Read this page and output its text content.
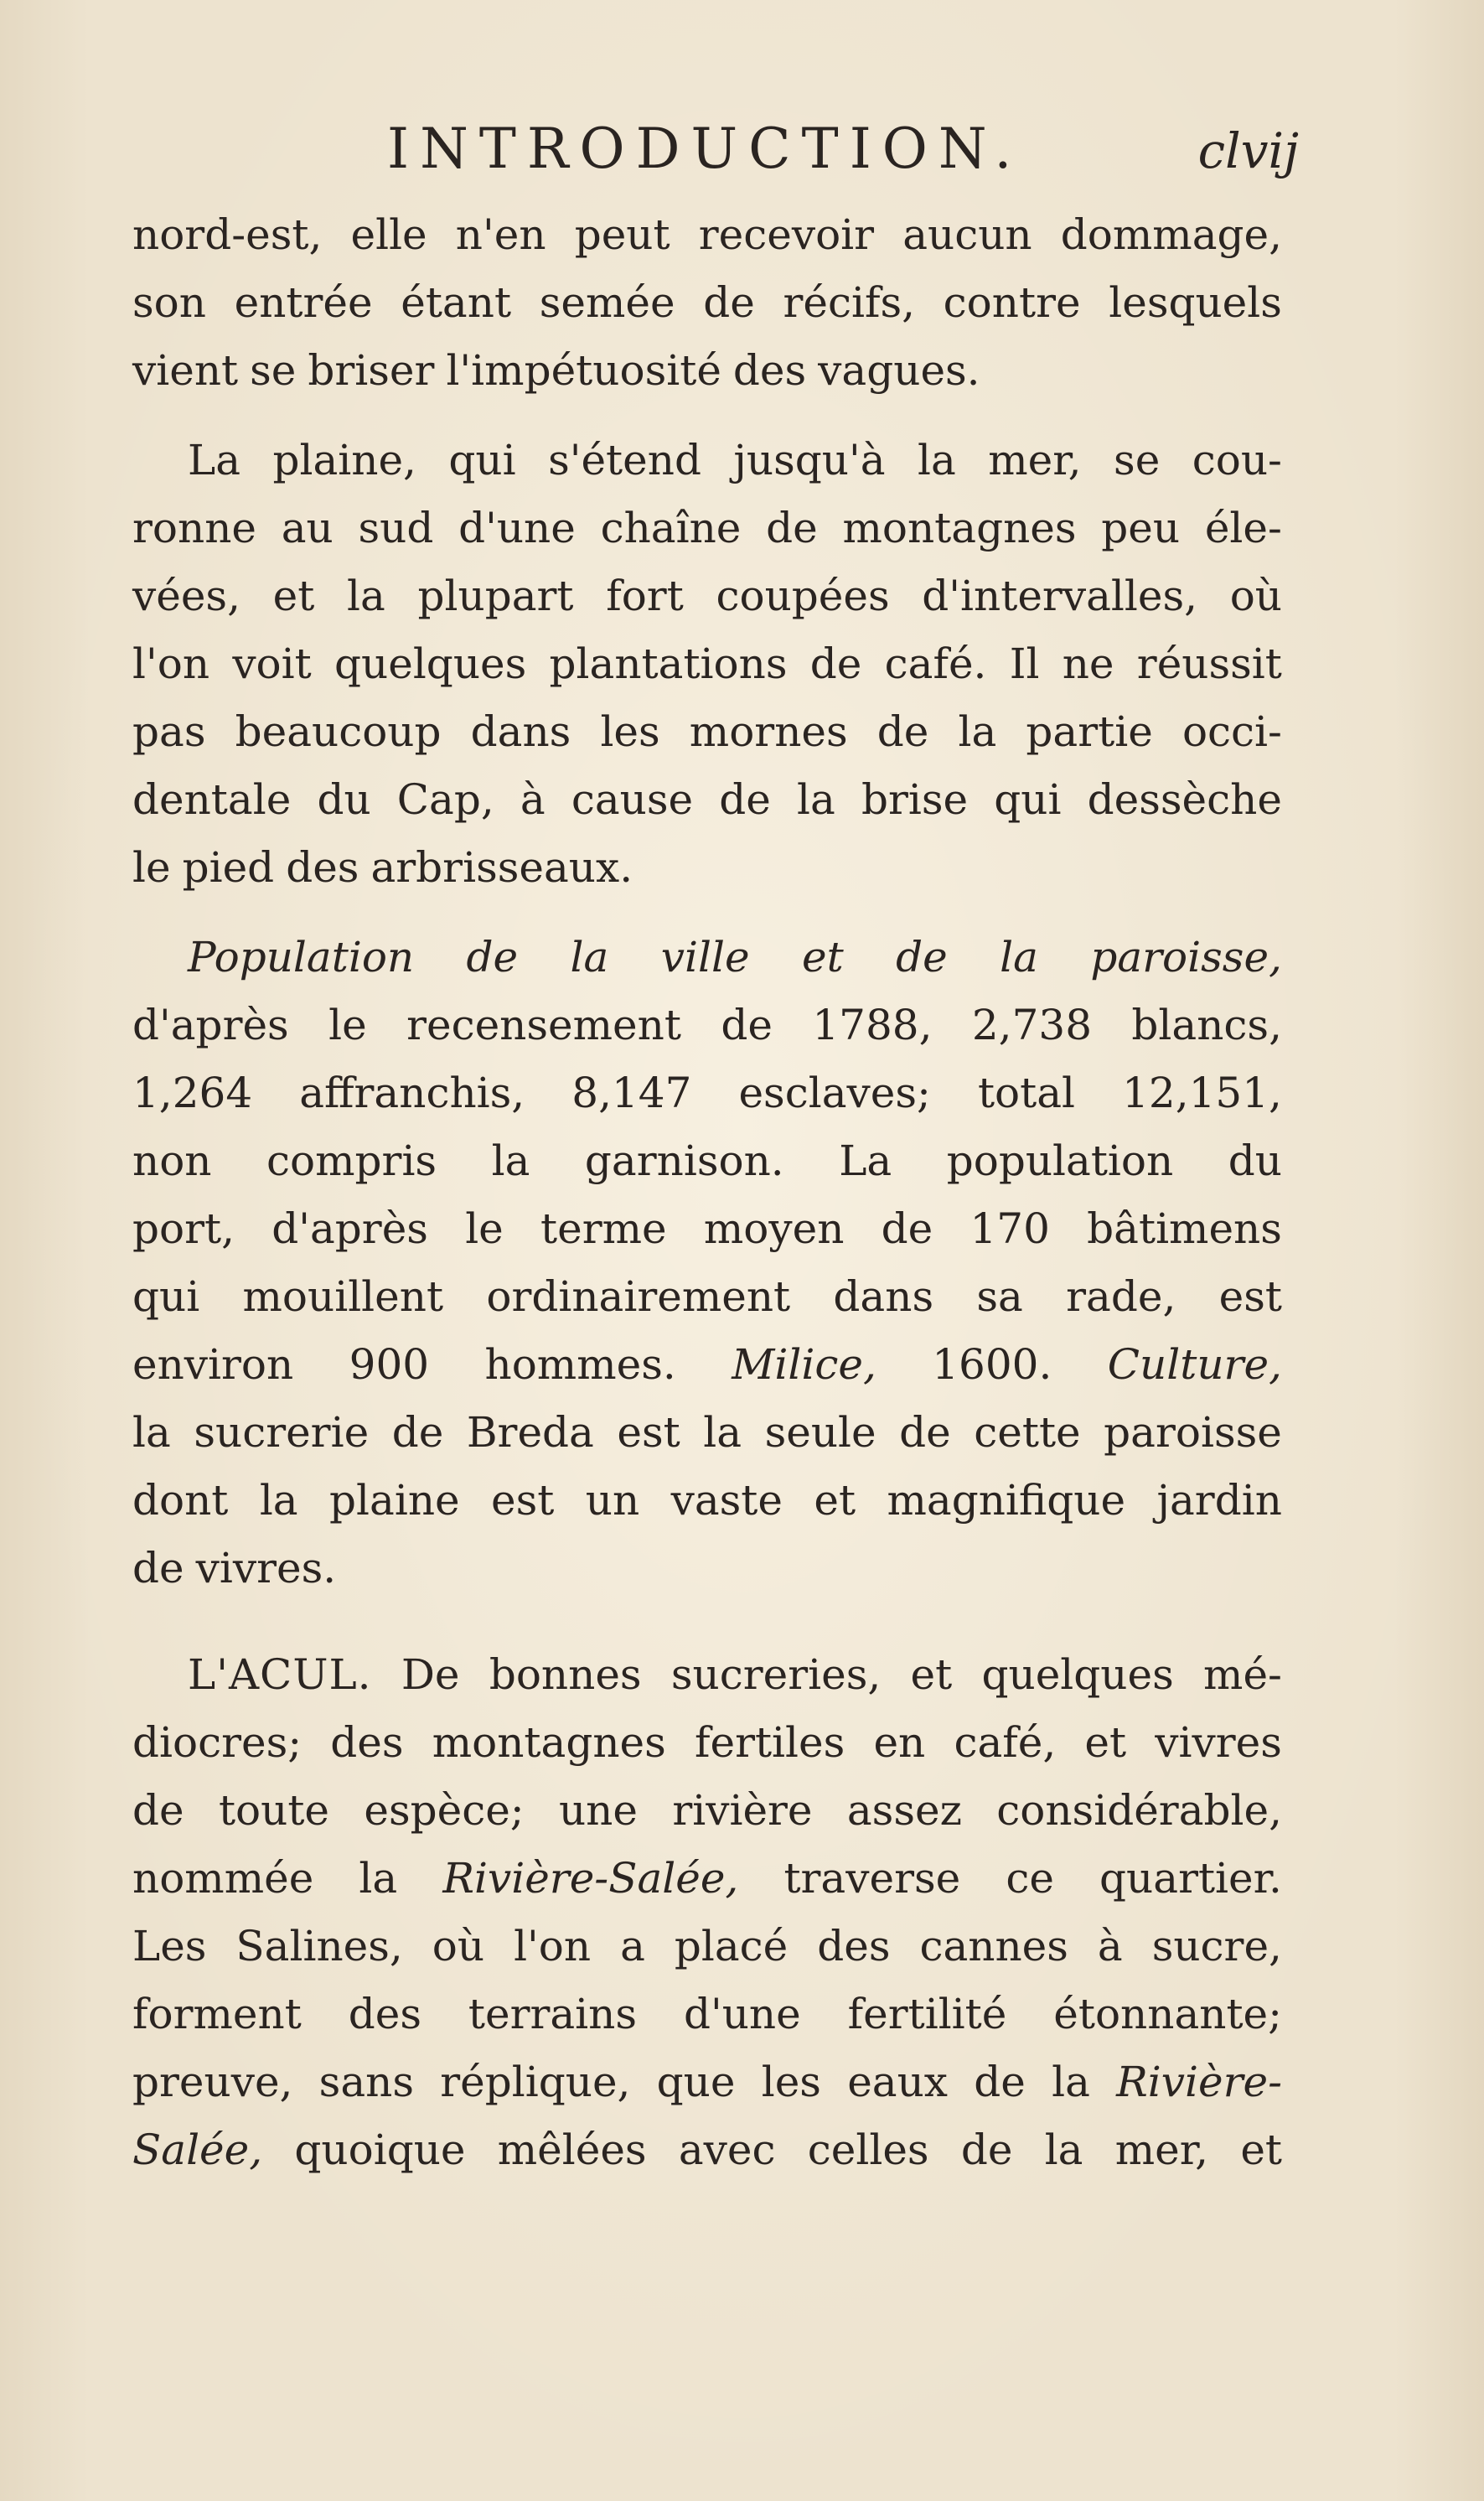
INTRODUCTION.	clvij
nord-est, elle n'en peut recevoir aucun dommage,
son entrée étant semée de récifs, contre lesquels
vient se briser l'impétuosité des vagues.
La plaine, qui s'étend jusqu'à la mer, se cou-
ronne au sud d'une chaîne de montagnes peu éle-
vées, et la plupart fort coupées d'intervalles, où
l'on voit quelques plantations de café. Il ne réussit
pas beaucoup dans les mornes de la partie occi-
dentale du Cap, à cause de la brise qui dessèche
le pied des arbrisseaux.
Population de la ville et de la paroisse,
d'après le recensement de 1788, 2,738 blancs,
1,264 affranchis, 8,147 esclaves; total 12,151,
non compris la garnison. La population du
port, d'après le terme moyen de 170 bâtimens
qui mouillent ordinairement dans sa rade, est
environ 900 hommes. Milice, 1600. Culture,
la sucrerie de Breda est la seule de cette paroisse
dont la plaine est un vaste et magnifique jardin
de vivres.
L'ACUL. De bonnes sucreries, et quelques mé-
diocres; des montagnes fertiles en café, et vivres
de toute espèce; une rivière assez considérable,
nommée la Rivière-Salée, traverse ce quartier.
Les Salines, où l'on a placé des cannes à sucre,
forment des terrains d'une fertilité étonnante;
preuve, sans réplique, que les eaux de la Rivière-
Salée, quoique mêlées avec celles de la mer, et
